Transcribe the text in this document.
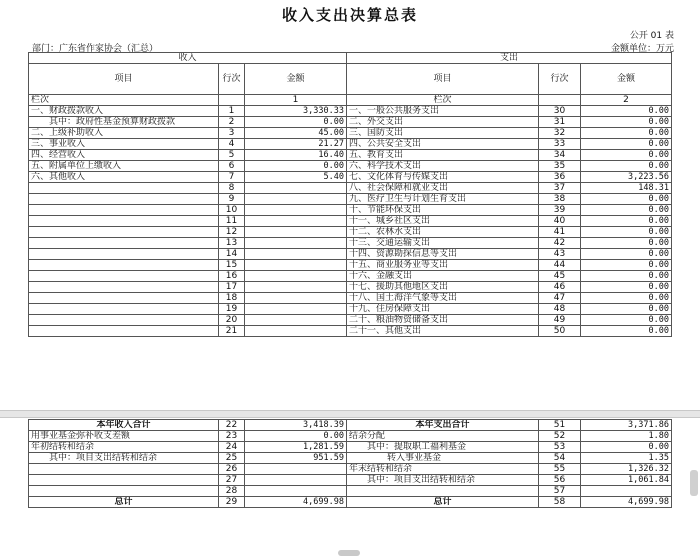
收入支出决算总表
公开 01 表
部门：广东省作家协会（汇总）	金额单位：万元
收入			支出		
项目	行次	金额	项目	行次	金额
栏次		1	栏次		2
一、财政拨款收入	1	3,330.33	一、一般公共服务支出	30	0.00
其中：政府性基金预算财政拨款	2	0.00	二、外交支出	31	0.00
二、上级补助收入	3	45.00	三、国防支出	32	0.00
三、事业收入	4	21.27	四、公共安全支出	33	0.00
四、经营收入	5	16.40	五、教育支出	34	0.00
五、附属单位上缴收入	6	0.00	六、科学技术支出	35	0.00
六、其他收入	7	5.40	七、文化体育与传媒支出	36	3,223.56
	8		八、社会保障和就业支出	37	148.31
	9		九、医疗卫生与计划生育支出	38	0.00
	10		十、节能环保支出	39	0.00
	11		十一、城乡社区支出	40	0.00
	12		十二、农林水支出	41	0.00
	13		十三、交通运输支出	42	0.00
	14		十四、资源勘探信息等支出	43	0.00
	15		十五、商业服务业等支出	44	0.00
	16		十六、金融支出	45	0.00
	17		十七、援助其他地区支出	46	0.00
	18		十八、国土海洋气象等支出	47	0.00
	19		十九、住房保障支出	48	0.00
	20		二十、粮油物资储备支出	49	0.00
	21		二十一、其他支出	50	0.00
本年收入合计	22	3,418.39	本年支出合计	51	3,371.86
用事业基金弥补收支差额	23	0.00	结余分配	52	1.80
年初结转和结余	24	1,281.59	其中：提取职工福利基金	53	0.00
其中：项目支出结转和结余	25	951.59	转入事业基金	54	1.35
	26		年末结转和结余	55	1,326.32
	27		其中：项目支出结转和结余	56	1,061.84
	28			57	
总计	29	4,699.98	总计	58	4,699.98
